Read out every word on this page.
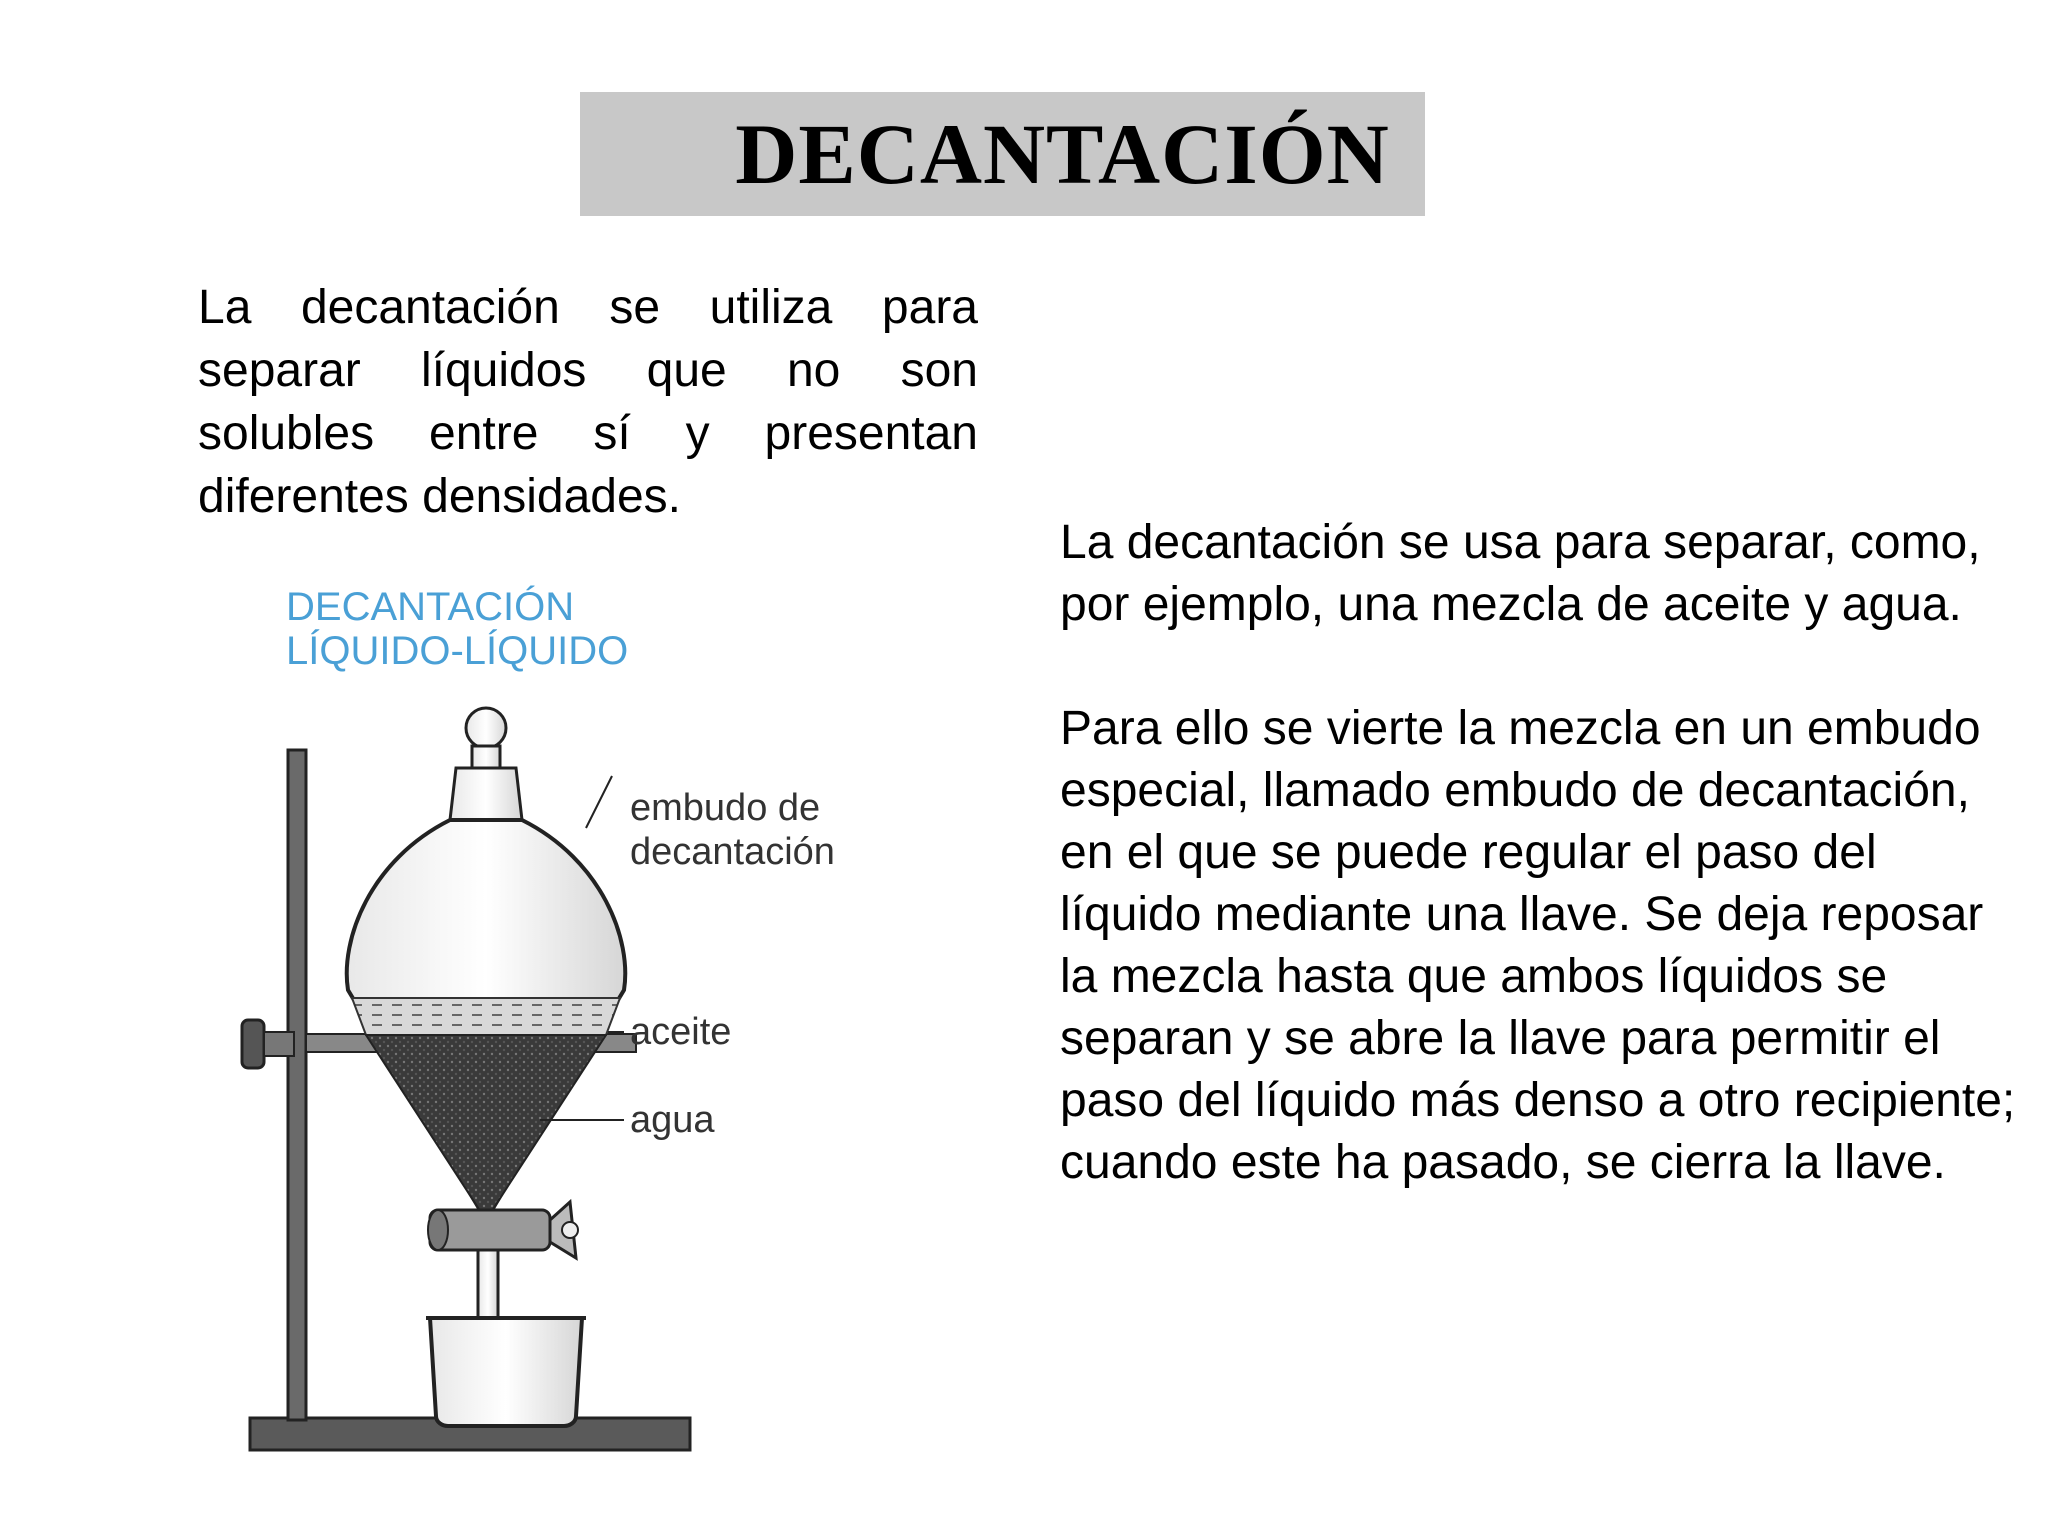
DECANTACIÓN
La decantación se utiliza para separar líquidos que no son solubles entre sí y presentan diferentes densidades.

La decantación se usa para separar, como, por ejemplo, una mezcla de aceite y agua.

Para ello se vierte la mezcla en un embudo especial, llamado embudo de decantación, en el que se puede regular el paso del líquido mediante una llave. Se deja reposar la mezcla hasta que ambos líquidos se separan y se abre la llave para permitir el paso del líquido más denso a otro recipiente; cuando este ha pasado, se cierra la llave.

DECANTACIÓN
LÍQUIDO-LÍQUIDO
embudo de
decantación
aceite
agua
